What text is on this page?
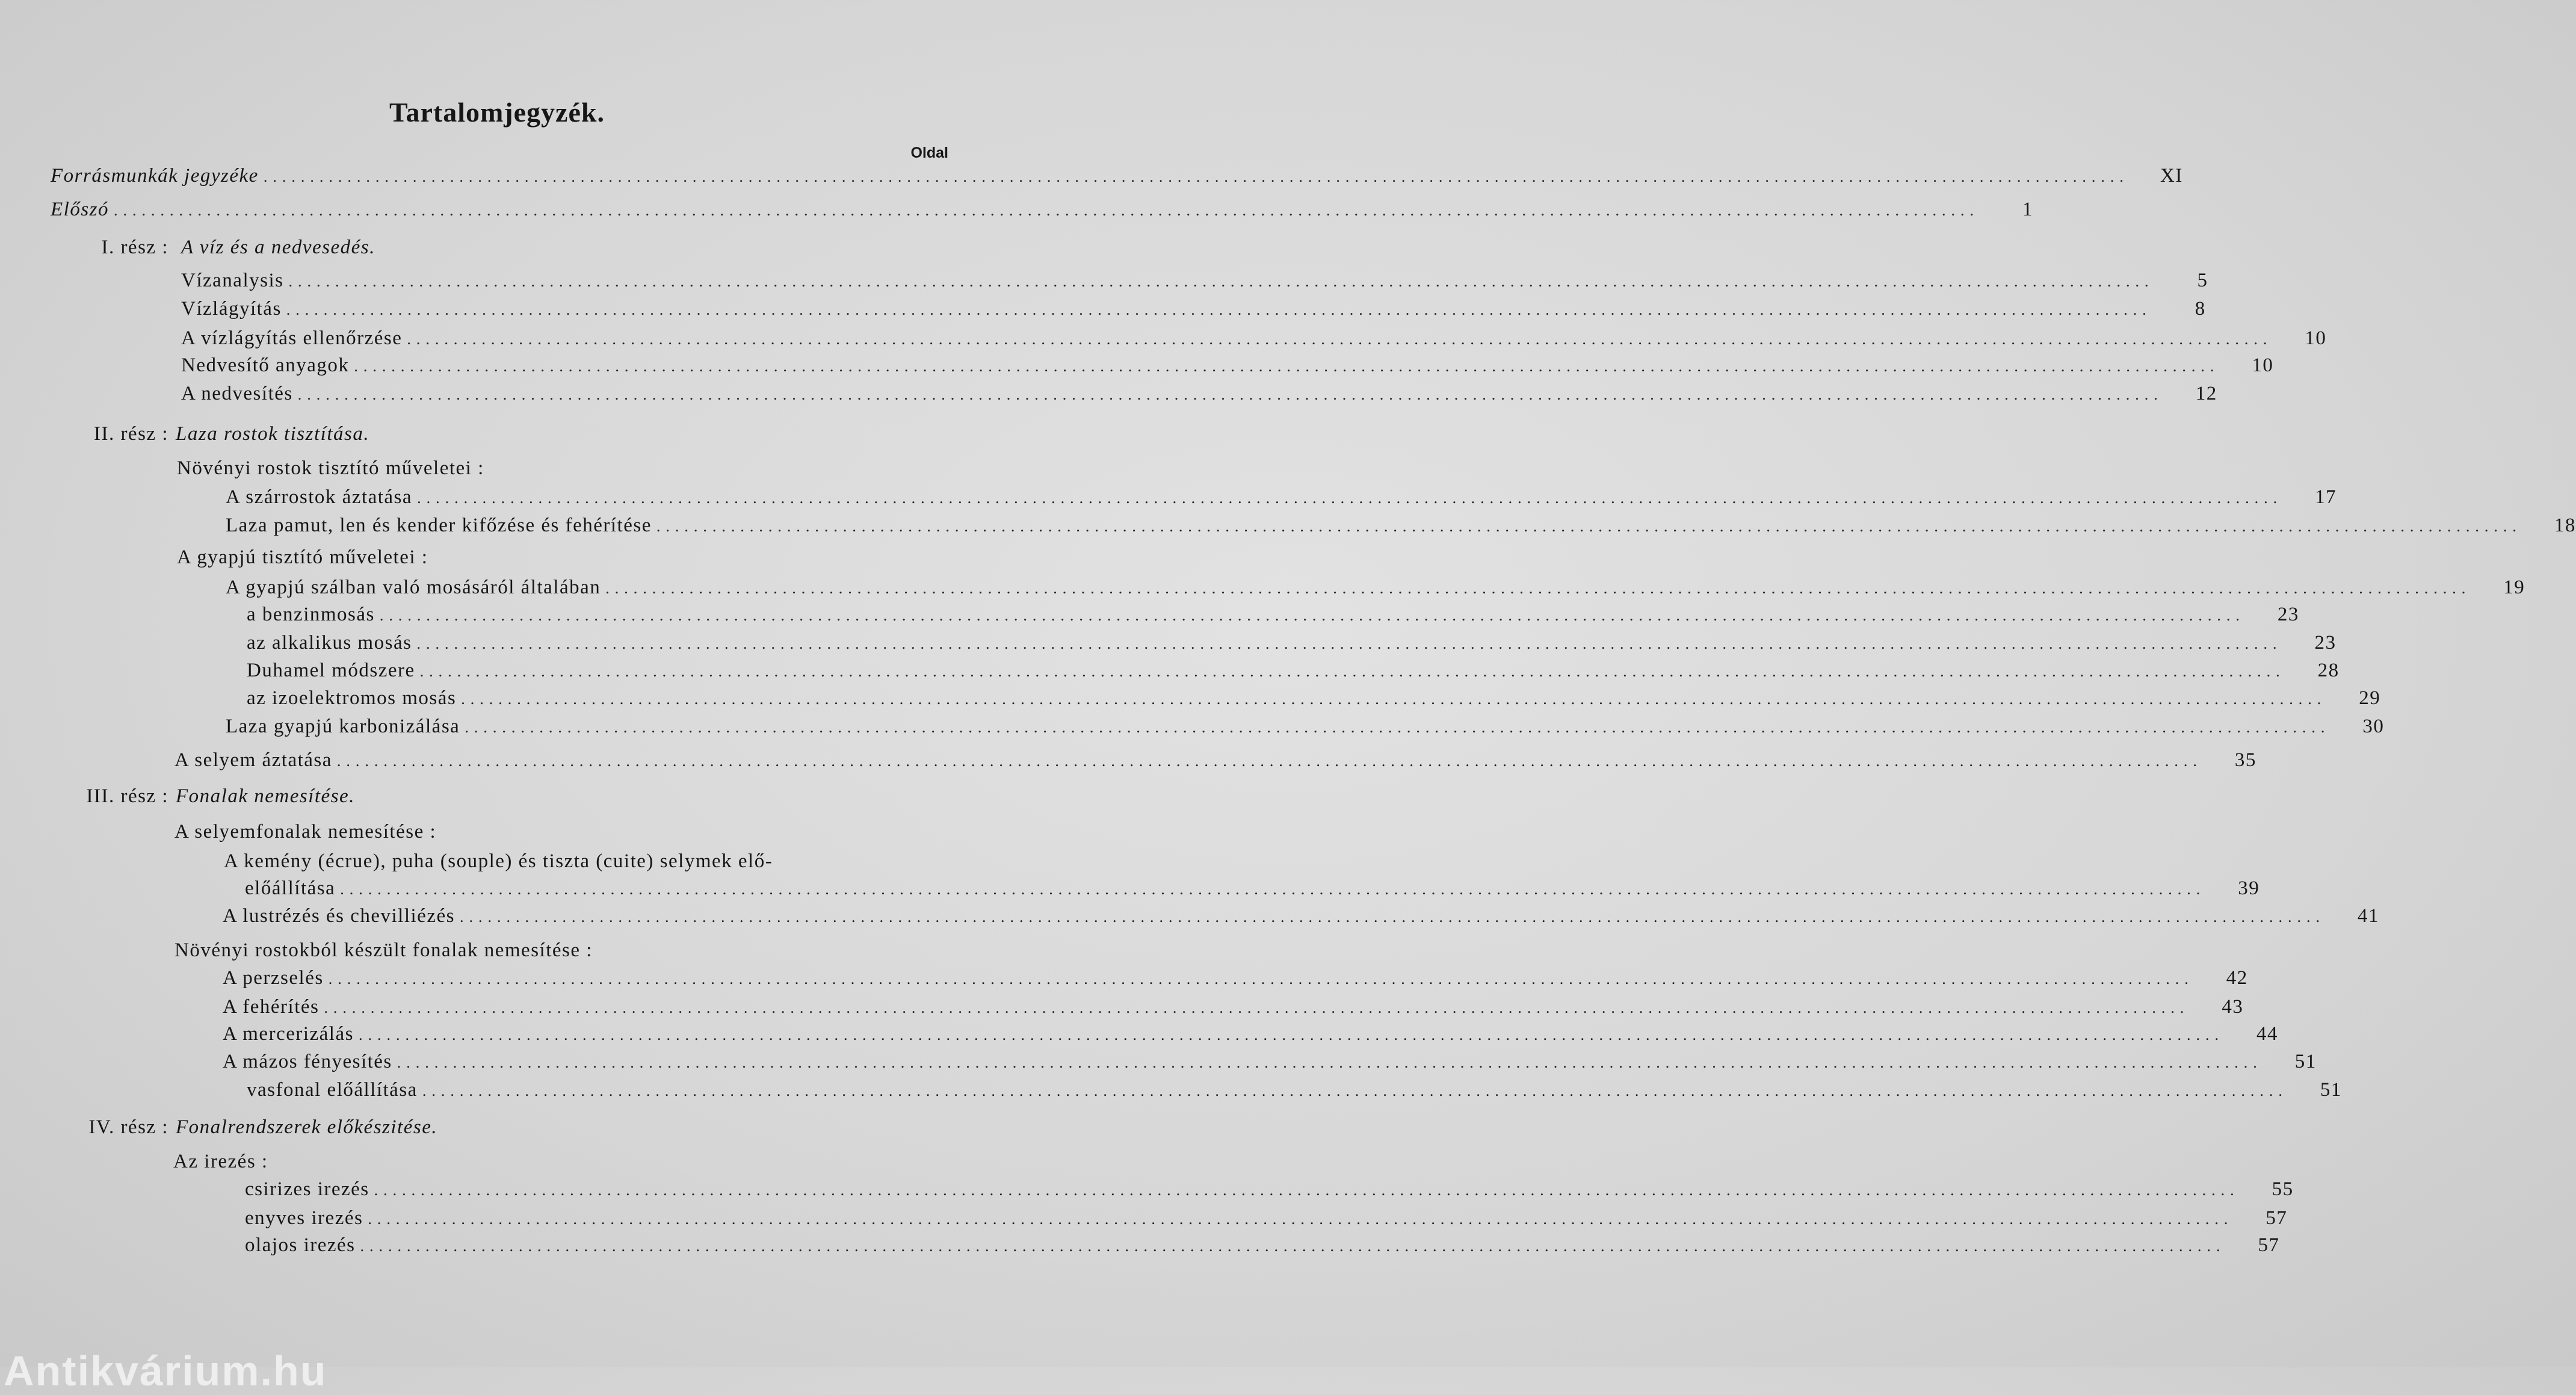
Tartalomjegyzék.
Oldal
Forrásmunkák jegyzéke ........................................................................................................................................................................................................	XI
Előszó ........................................................................................................................................................................................................	1
I. rész : A víz és a nedvesedés.
Vízanalysis ........................................................................................................................................................................................................	5
Vízlágyítás ........................................................................................................................................................................................................	8
A vízlágyítás ellenőrzése ........................................................................................................................................................................................................	10
Nedvesítő anyagok ........................................................................................................................................................................................................	10
A nedvesítés ........................................................................................................................................................................................................	12
II. rész : Laza rostok tisztítása.
Növényi rostok tisztító műveletei :
A szárrostok áztatása ........................................................................................................................................................................................................	17
Laza pamut, len és kender kifőzése és fehérítése ........................................................................................................................................................................................................	18
A gyapjú tisztító műveletei :
A gyapjú szálban való mosásáról általában ........................................................................................................................................................................................................	19
a benzinmosás ........................................................................................................................................................................................................	23
az alkalikus mosás ........................................................................................................................................................................................................	23
Duhamel módszere ........................................................................................................................................................................................................	28
az izoelektromos mosás ........................................................................................................................................................................................................	29
Laza gyapjú karbonizálása ........................................................................................................................................................................................................	30
A selyem áztatása ........................................................................................................................................................................................................	35
III. rész : Fonalak nemesítése.
A selyemfonalak nemesítése :
A kemény (écrue), puha (souple) és tiszta (cuite) selymek elő-
előállítása ........................................................................................................................................................................................................	39
A lustrézés és chevilliézés ........................................................................................................................................................................................................	41
Növényi rostokból készült fonalak nemesítése :
A perzselés ........................................................................................................................................................................................................	42
A fehérítés ........................................................................................................................................................................................................	43
A mercerizálás ........................................................................................................................................................................................................	44
A mázos fényesítés ........................................................................................................................................................................................................	51
vasfonal előállítása ........................................................................................................................................................................................................	51
IV. rész : Fonalrendszerek előkészitése.
Az irezés :
csirizes irezés ........................................................................................................................................................................................................	55
enyves irezés ........................................................................................................................................................................................................	57
olajos irezés ........................................................................................................................................................................................................	57
Antikvárium.hu
